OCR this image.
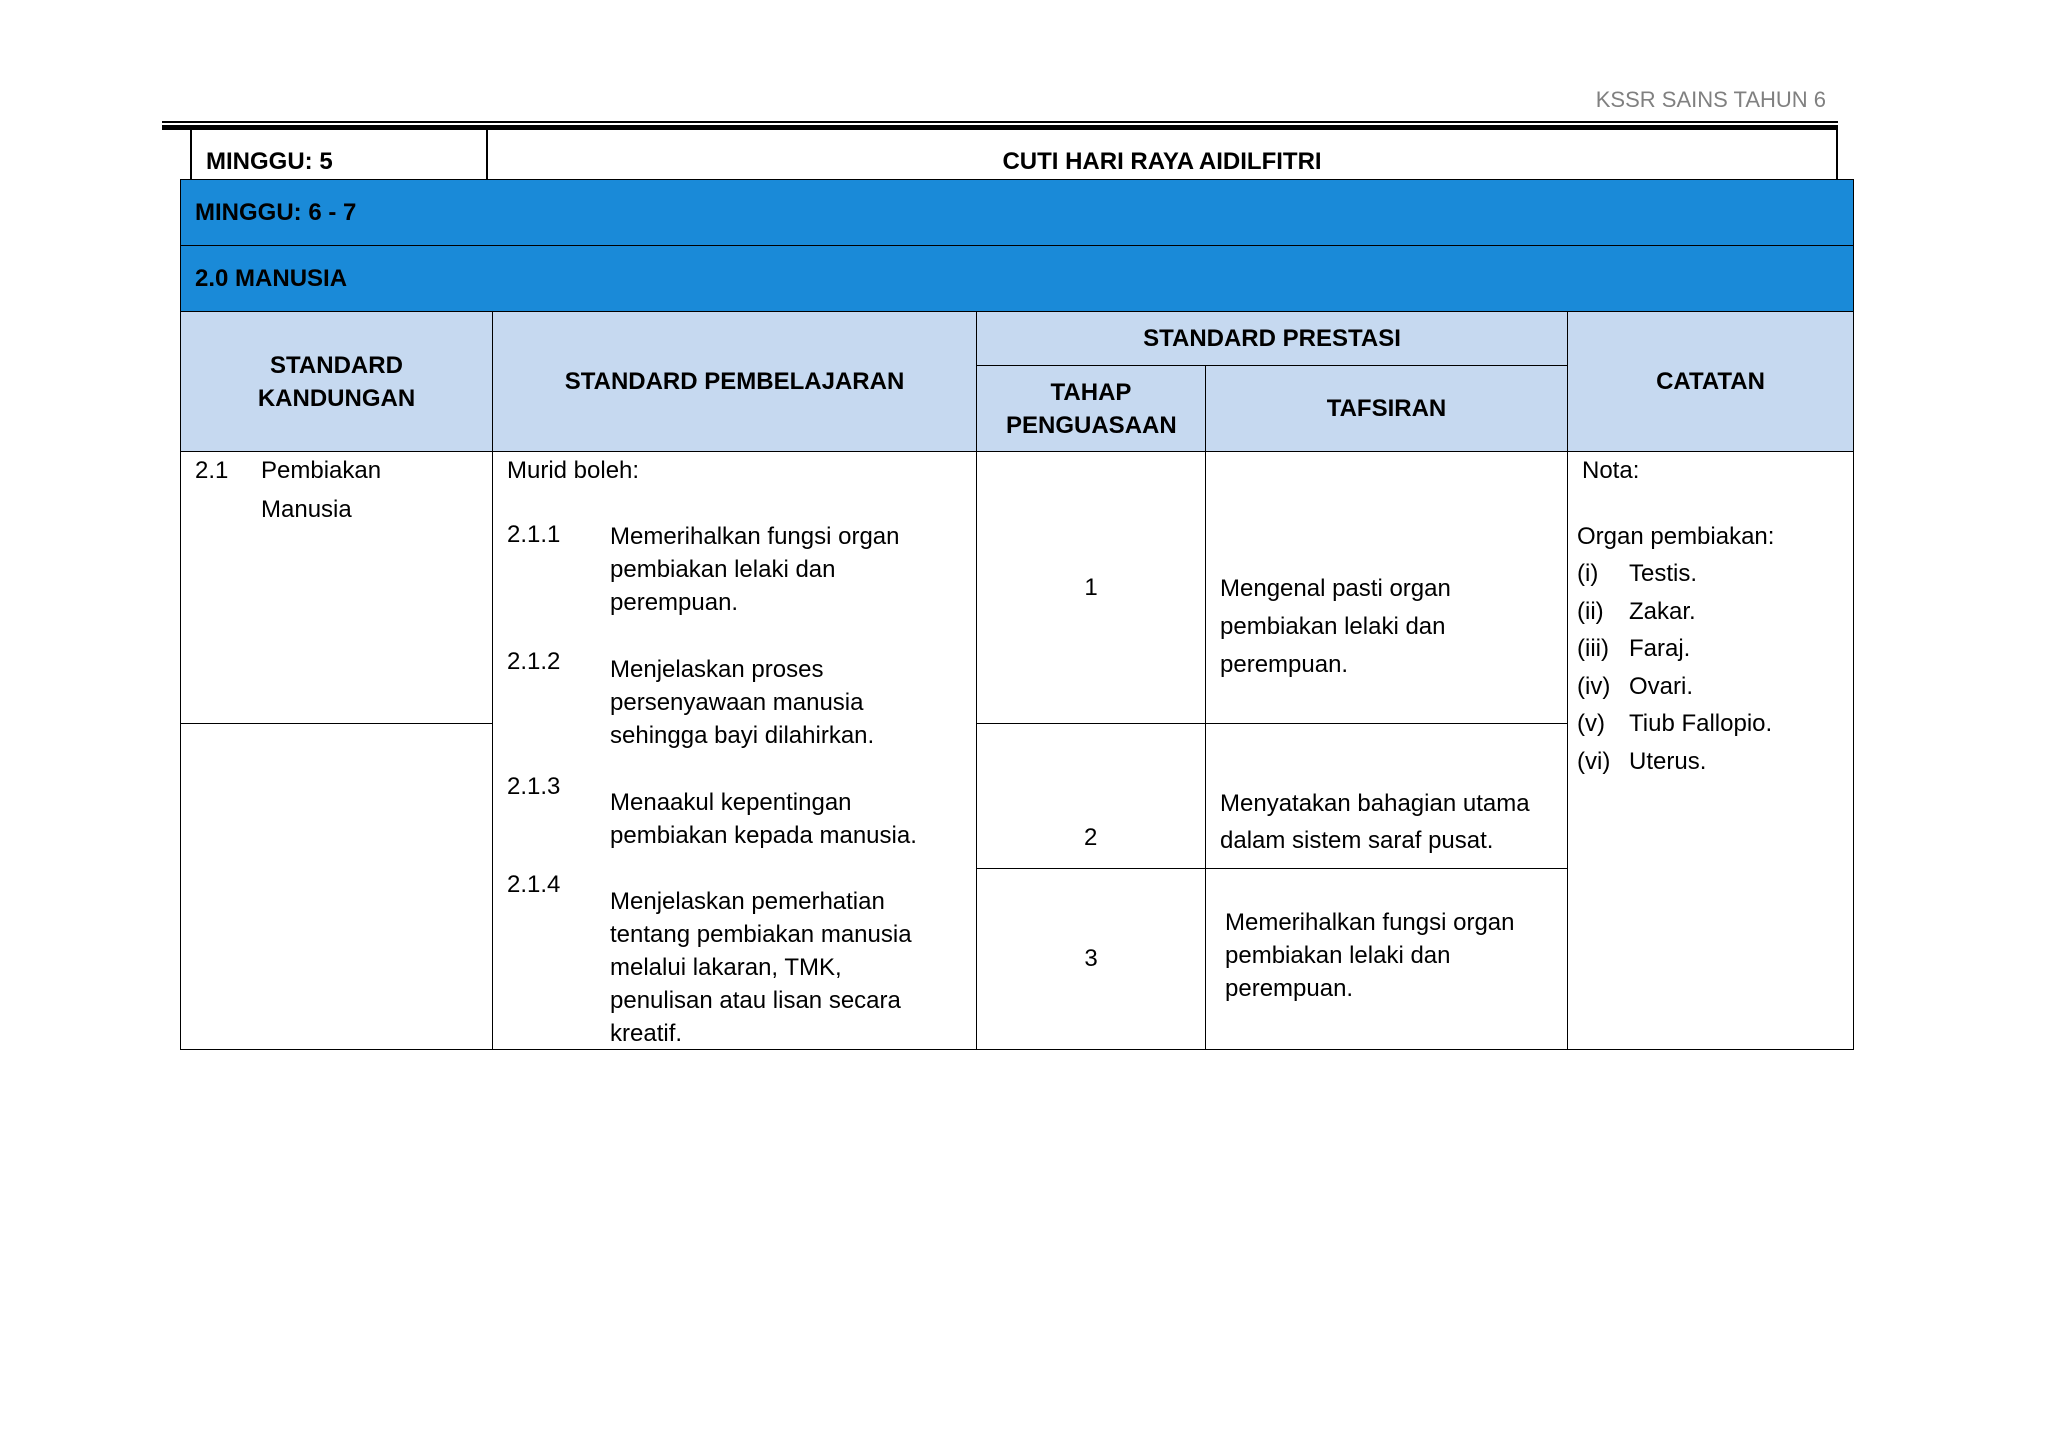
KSSR SAINS TAHUN 6
MINGGU: 5	CUTI HARI RAYA AIDILFITRI
MINGGU: 6 - 7
2.0 MANUSIA
STANDARD KANDUNGAN
STANDARD PEMBELAJARAN
STANDARD PRESTASI
TAHAP PENGUASAAN
TAFSIRAN
CATATAN
2.1 Pembiakan
Manusia
Murid boleh:
2.1.1 Memerihalkan fungsi organ
pembiakan lelaki dan
perempuan.
2.1.2 Menjelaskan proses
persenyawaan manusia
sehingga bayi dilahirkan.
2.1.3
Menaakul kepentingan
pembiakan kepada manusia.
2.1.4
Menjelaskan pemerhatian
tentang pembiakan manusia
melalui lakaran, TMK,
penulisan atau lisan secara
kreatif.
1
2
3
Mengenal pasti organ
pembiakan lelaki dan
perempuan.
Menyatakan bahagian utama
dalam sistem saraf pusat.
Memerihalkan fungsi organ
pembiakan lelaki dan
perempuan.
Nota:
Organ pembiakan:
(i) Testis.
(ii) Zakar.
(iii) Faraj.
(iv) Ovari.
(v) Tiub Fallopio.
(vi) Uterus.
